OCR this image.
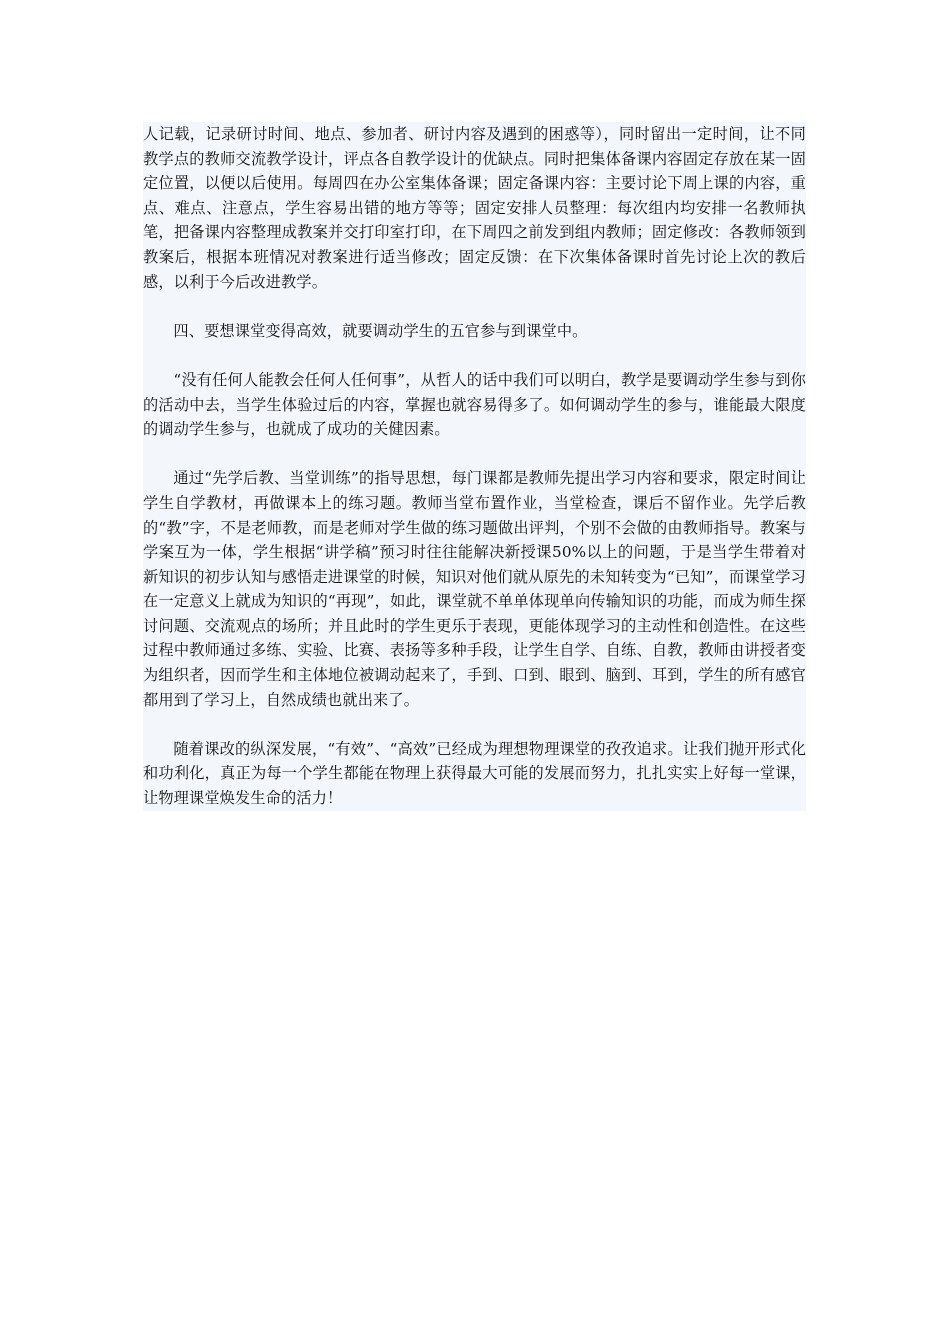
人记载，记录研讨时间、地点、参加者、研讨内容及遇到的困惑等），同时留出一定时间，让不同教学点的教师交流教学设计，评点各自教学设计的优缺点。同时把集体备课内容固定存放在某一固定位置，以便以后使用。每周四在办公室集体备课；固定备课内容：主要讨论下周上课的内容，重点、难点、注意点，学生容易出错的地方等等；固定安排人员整理：每次组内均安排一名教师执笔，把备课内容整理成教案并交打印室打印，在下周四之前发到组内教师；固定修改：各教师领到教案后，根据本班情况对教案进行适当修改；固定反馈：在下次集体备课时首先讨论上次的教后感，以利于今后改进教学。

四、要想课堂变得高效，就要调动学生的五官参与到课堂中。

“没有任何人能教会任何人任何事”，从哲人的话中我们可以明白，教学是要调动学生参与到你的活动中去，当学生体验过后的内容，掌握也就容易得多了。如何调动学生的参与，谁能最大限度的调动学生参与，也就成了成功的关健因素。

通过“先学后教、当堂训练”的指导思想，每门课都是教师先提出学习内容和要求，限定时间让学生自学教材，再做课本上的练习题。教师当堂布置作业，当堂检查，课后不留作业。先学后教的“教”字，不是老师教，而是老师对学生做的练习题做出评判，个别不会做的由教师指导。教案与学案互为一体，学生根据“讲学稿”预习时往往能解决新授课50%以上的问题，于是当学生带着对新知识的初步认知与感悟走进课堂的时候，知识对他们就从原先的未知转变为“已知”，而课堂学习在一定意义上就成为知识的“再现”，如此，课堂就不单单体现单向传输知识的功能，而成为师生探讨问题、交流观点的场所；并且此时的学生更乐于表现，更能体现学习的主动性和创造性。在这些过程中教师通过多练、实验、比赛、表扬等多种手段，让学生自学、自练、自教，教师由讲授者变为组织者，因而学生和主体地位被调动起来了，手到、口到、眼到、脑到、耳到，学生的所有感官都用到了学习上，自然成绩也就出来了。

随着课改的纵深发展，“有效”、“高效”已经成为理想物理课堂的孜孜追求。让我们抛开形式化和功利化，真正为每一个学生都能在物理上获得最大可能的发展而努力，扎扎实实上好每一堂课，让物理课堂焕发生命的活力！
